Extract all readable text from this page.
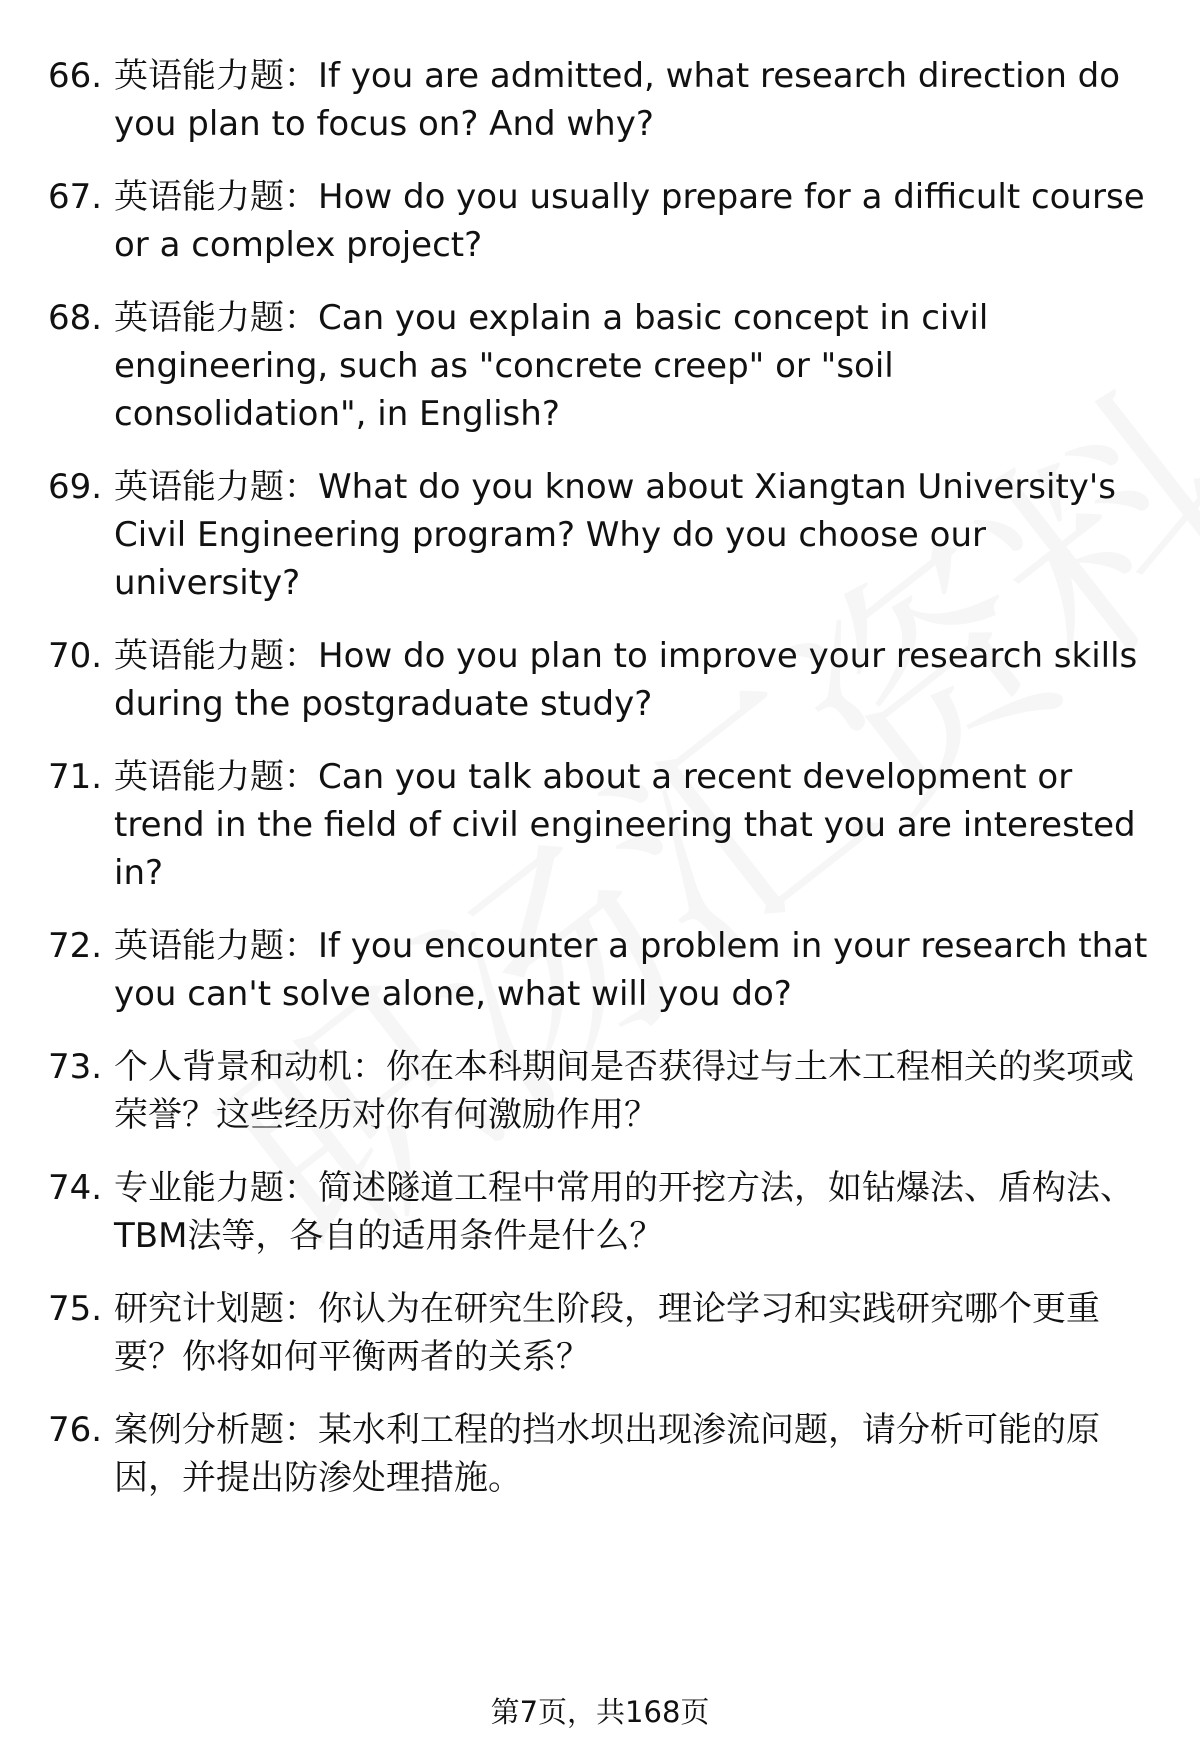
66. 英语能力题：If you are admitted, what research direction do you plan to focus on? And why?
67. 英语能力题：How do you usually prepare for a difficult course or a complex project?
68. 英语能力题：Can you explain a basic concept in civil engineering, such as "concrete creep" or "soil consolidation", in English?
69. 英语能力题：What do you know about Xiangtan University's Civil Engineering program? Why do you choose our university?
70. 英语能力题：How do you plan to improve your research skills during the postgraduate study?
71. 英语能力题：Can you talk about a recent development or trend in the field of civil engineering that you are interested in?
72. 英语能力题：If you encounter a problem in your research that you can't solve alone, what will you do?
73. 个人背景和动机：你在本科期间是否获得过与土木工程相关的奖项或荣誉？这些经历对你有何激励作用？
74. 专业能力题：简述隧道工程中常用的开挖方法，如钻爆法、盾构法、TBM法等，各自的适用条件是什么？
75. 研究计划题：你认为在研究生阶段，理论学习和实践研究哪个更重要？你将如何平衡两者的关系？
76. 案例分析题：某水利工程的挡水坝出现渗流问题，请分析可能的原因，并提出防渗处理措施。
第7页，共168页
